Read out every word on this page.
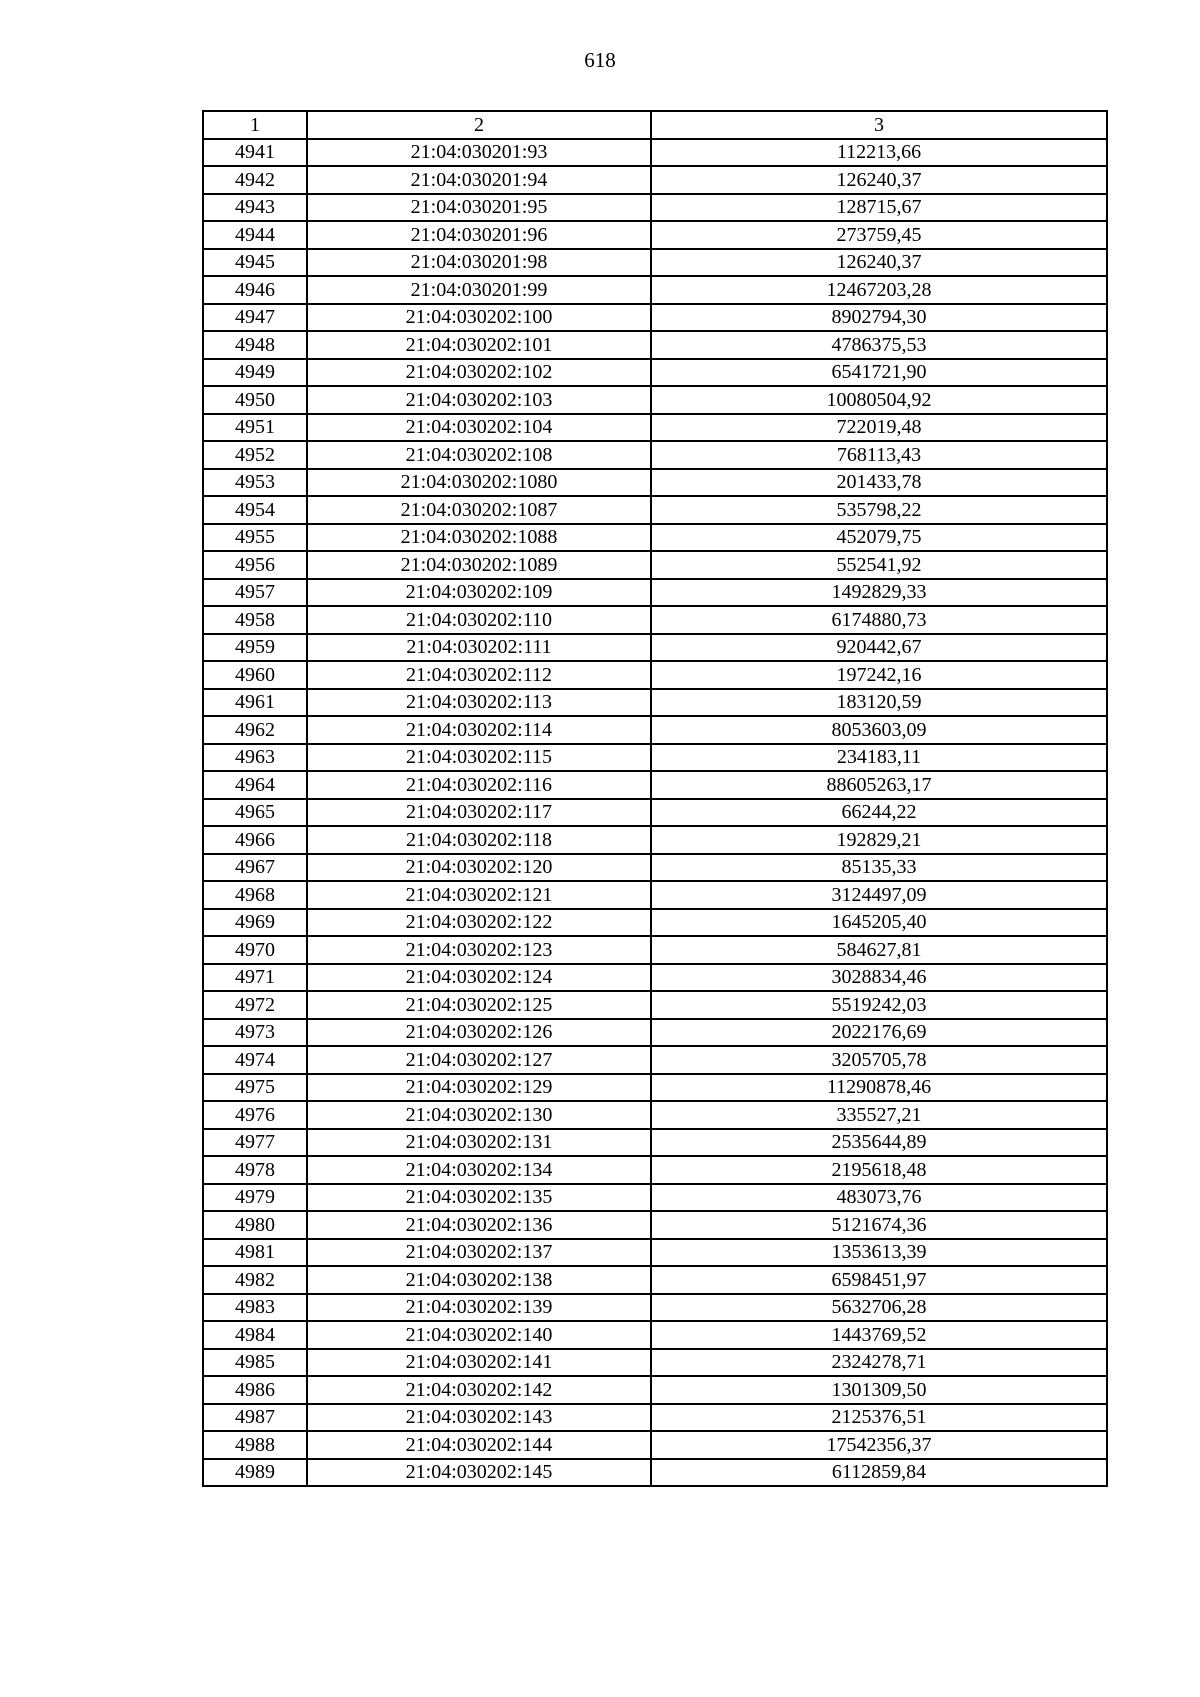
618
1	2	3
4941	21:04:030201:93	112213,66
4942	21:04:030201:94	126240,37
4943	21:04:030201:95	128715,67
4944	21:04:030201:96	273759,45
4945	21:04:030201:98	126240,37
4946	21:04:030201:99	12467203,28
4947	21:04:030202:100	8902794,30
4948	21:04:030202:101	4786375,53
4949	21:04:030202:102	6541721,90
4950	21:04:030202:103	10080504,92
4951	21:04:030202:104	722019,48
4952	21:04:030202:108	768113,43
4953	21:04:030202:1080	201433,78
4954	21:04:030202:1087	535798,22
4955	21:04:030202:1088	452079,75
4956	21:04:030202:1089	552541,92
4957	21:04:030202:109	1492829,33
4958	21:04:030202:110	6174880,73
4959	21:04:030202:111	920442,67
4960	21:04:030202:112	197242,16
4961	21:04:030202:113	183120,59
4962	21:04:030202:114	8053603,09
4963	21:04:030202:115	234183,11
4964	21:04:030202:116	88605263,17
4965	21:04:030202:117	66244,22
4966	21:04:030202:118	192829,21
4967	21:04:030202:120	85135,33
4968	21:04:030202:121	3124497,09
4969	21:04:030202:122	1645205,40
4970	21:04:030202:123	584627,81
4971	21:04:030202:124	3028834,46
4972	21:04:030202:125	5519242,03
4973	21:04:030202:126	2022176,69
4974	21:04:030202:127	3205705,78
4975	21:04:030202:129	11290878,46
4976	21:04:030202:130	335527,21
4977	21:04:030202:131	2535644,89
4978	21:04:030202:134	2195618,48
4979	21:04:030202:135	483073,76
4980	21:04:030202:136	5121674,36
4981	21:04:030202:137	1353613,39
4982	21:04:030202:138	6598451,97
4983	21:04:030202:139	5632706,28
4984	21:04:030202:140	1443769,52
4985	21:04:030202:141	2324278,71
4986	21:04:030202:142	1301309,50
4987	21:04:030202:143	2125376,51
4988	21:04:030202:144	17542356,37
4989	21:04:030202:145	6112859,84
